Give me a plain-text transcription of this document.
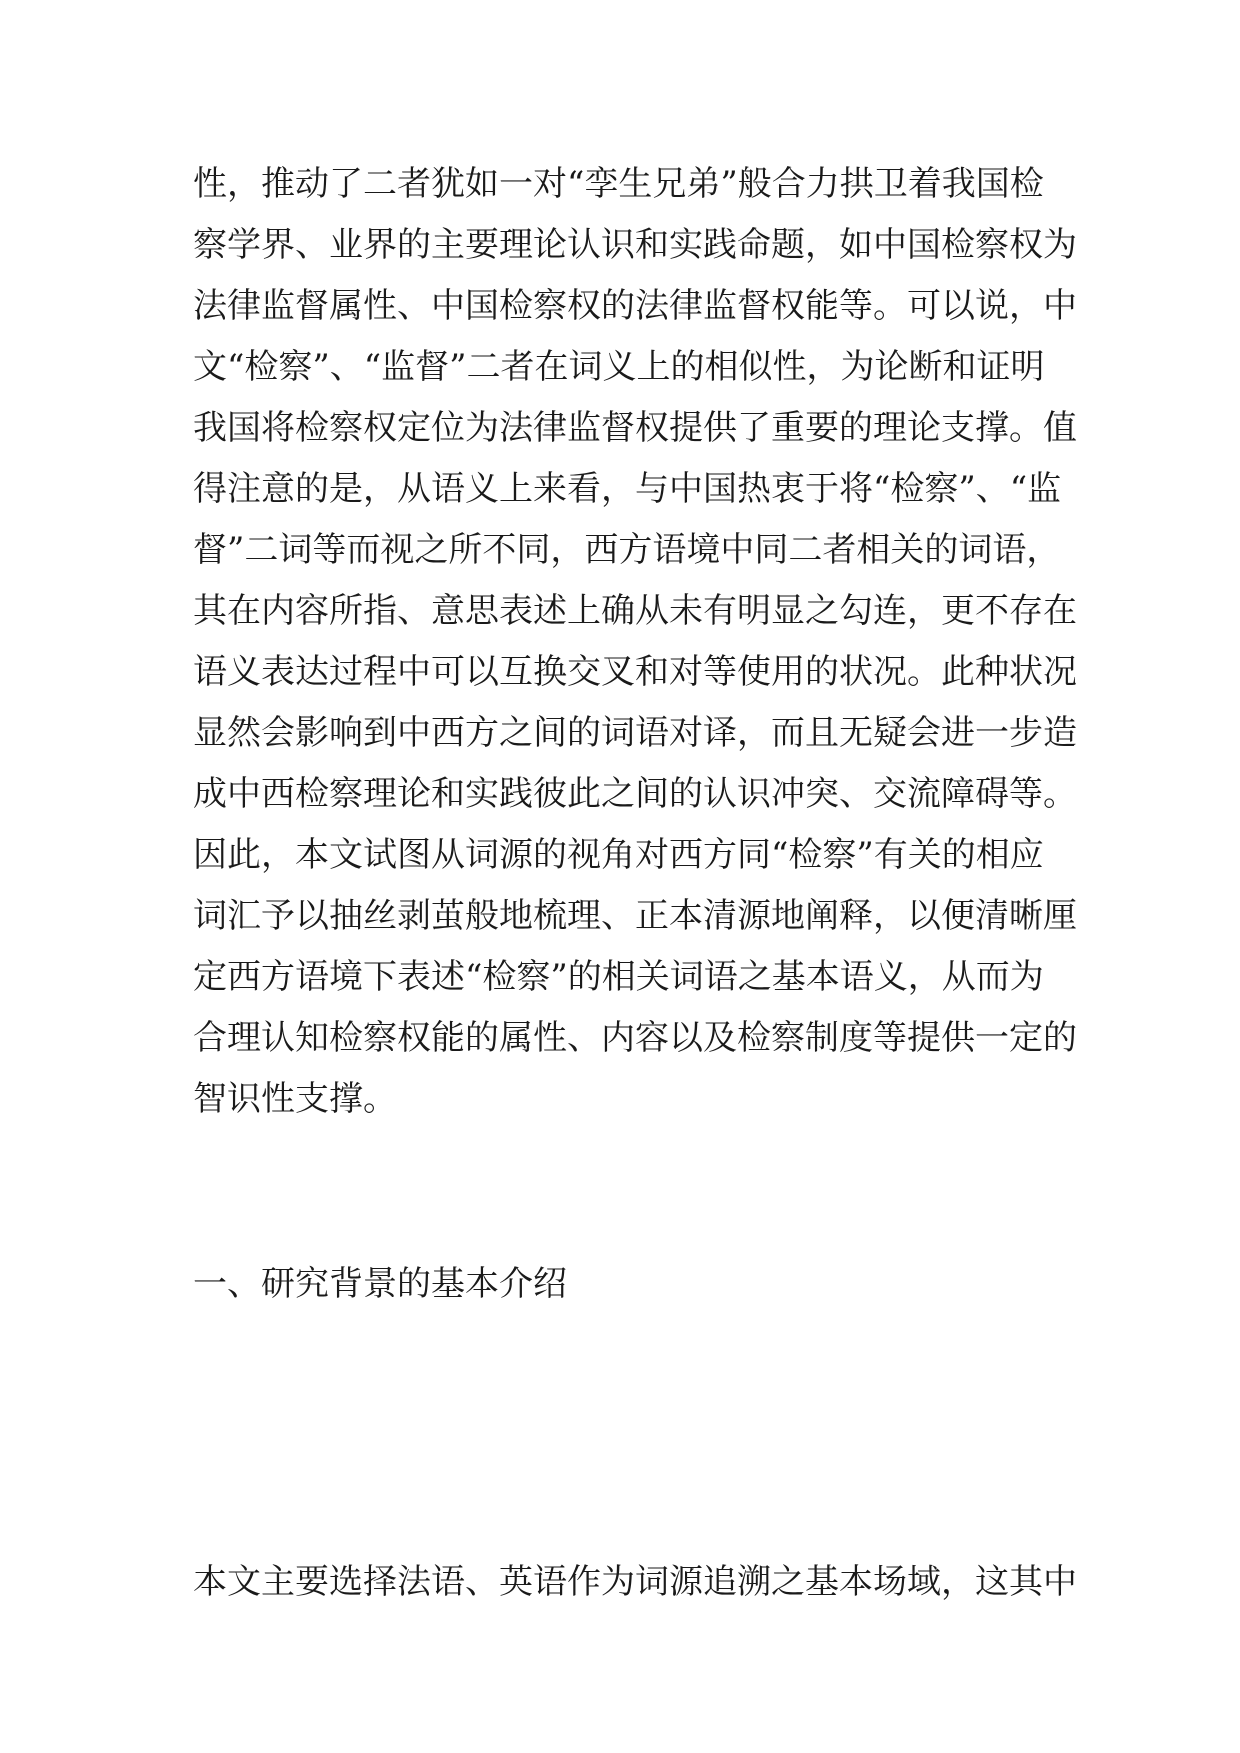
性，推动了二者犹如一对“孪生兄弟”般合力拱卫着我国检

察学界、业界的主要理论认识和实践命题，如中国检察权为

法律监督属性、中国检察权的法律监督权能等。可以说，中

文“检察”、“监督”二者在词义上的相似性，为论断和证明

我国将检察权定位为法律监督权提供了重要的理论支撑。值

得注意的是，从语义上来看，与中国热衷于将“检察”、“监

督”二词等而视之所不同，西方语境中同二者相关的词语，

其在内容所指、意思表述上确从未有明显之勾连，更不存在

语义表达过程中可以互换交叉和对等使用的状况。此种状况

显然会影响到中西方之间的词语对译，而且无疑会进一步造

成中西检察理论和实践彼此之间的认识冲突、交流障碍等。

因此，本文试图从词源的视角对西方同“检察”有关的相应

词汇予以抽丝剥茧般地梳理、正本清源地阐释，以便清晰厘

定西方语境下表述“检察”的相关词语之基本语义，从而为

合理认知检察权能的属性、内容以及检察制度等提供一定的

智识性支撑。

一、研究背景的基本介绍

本文主要选择法语、英语作为词源追溯之基本场域，这其中
